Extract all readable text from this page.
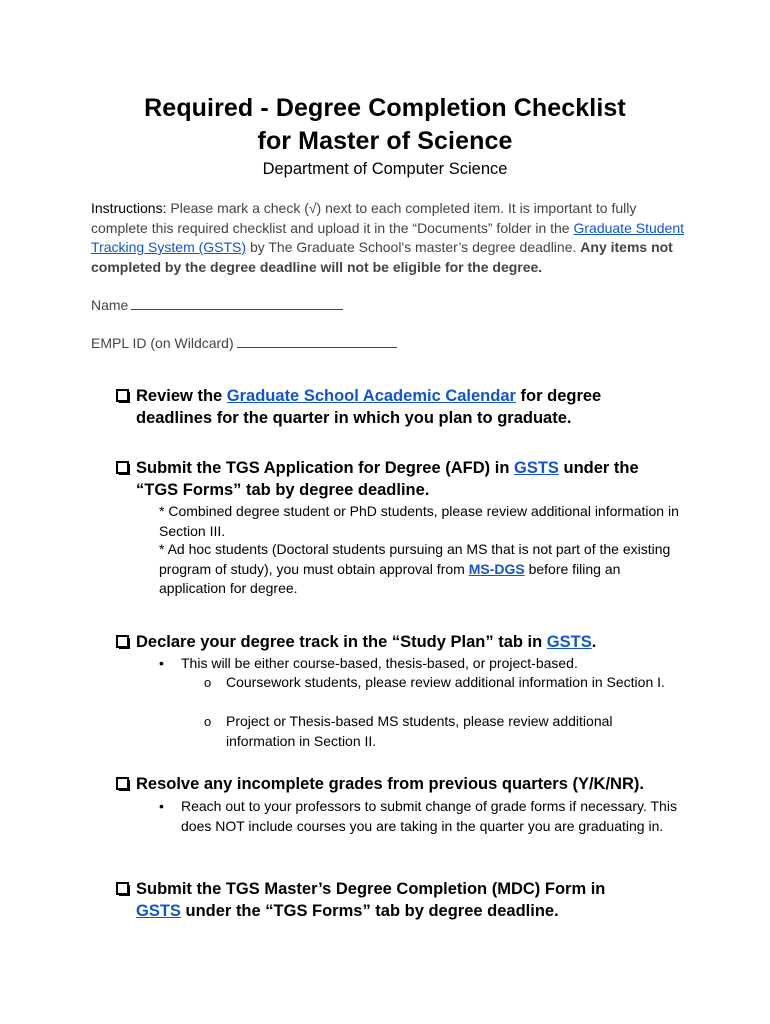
Required - Degree Completion Checklist
for Master of Science
Department of Computer Science
Instructions: Please mark a check (√) next to each completed item. It is important to fully complete this required checklist and upload it in the “Documents” folder in the Graduate Student Tracking System (GSTS) by The Graduate School's master’s degree deadline. Any items not completed by the degree deadline will not be eligible for the degree.
Name
EMPL ID (on Wildcard)
Review the Graduate School Academic Calendar for degree
deadlines for the quarter in which you plan to graduate.
Submit the TGS Application for Degree (AFD) in GSTS under the
“TGS Forms” tab by degree deadline.
* Combined degree student or PhD students, please review additional information in Section III.
* Ad hoc students (Doctoral students pursuing an MS that is not part of the existing program of study), you must obtain approval from MS-DGS before filing an application for degree.
Declare your degree track in the “Study Plan” tab in GSTS.
• This will be either course-based, thesis-based, or project-based.
o Coursework students, please review additional information in Section I.
o Project or Thesis-based MS students, please review additional information in Section II.
Resolve any incomplete grades from previous quarters (Y/K/NR).
• Reach out to your professors to submit change of grade forms if necessary. This does NOT include courses you are taking in the quarter you are graduating in.
Submit the TGS Master’s Degree Completion (MDC) Form in
GSTS under the “TGS Forms” tab by degree deadline.
